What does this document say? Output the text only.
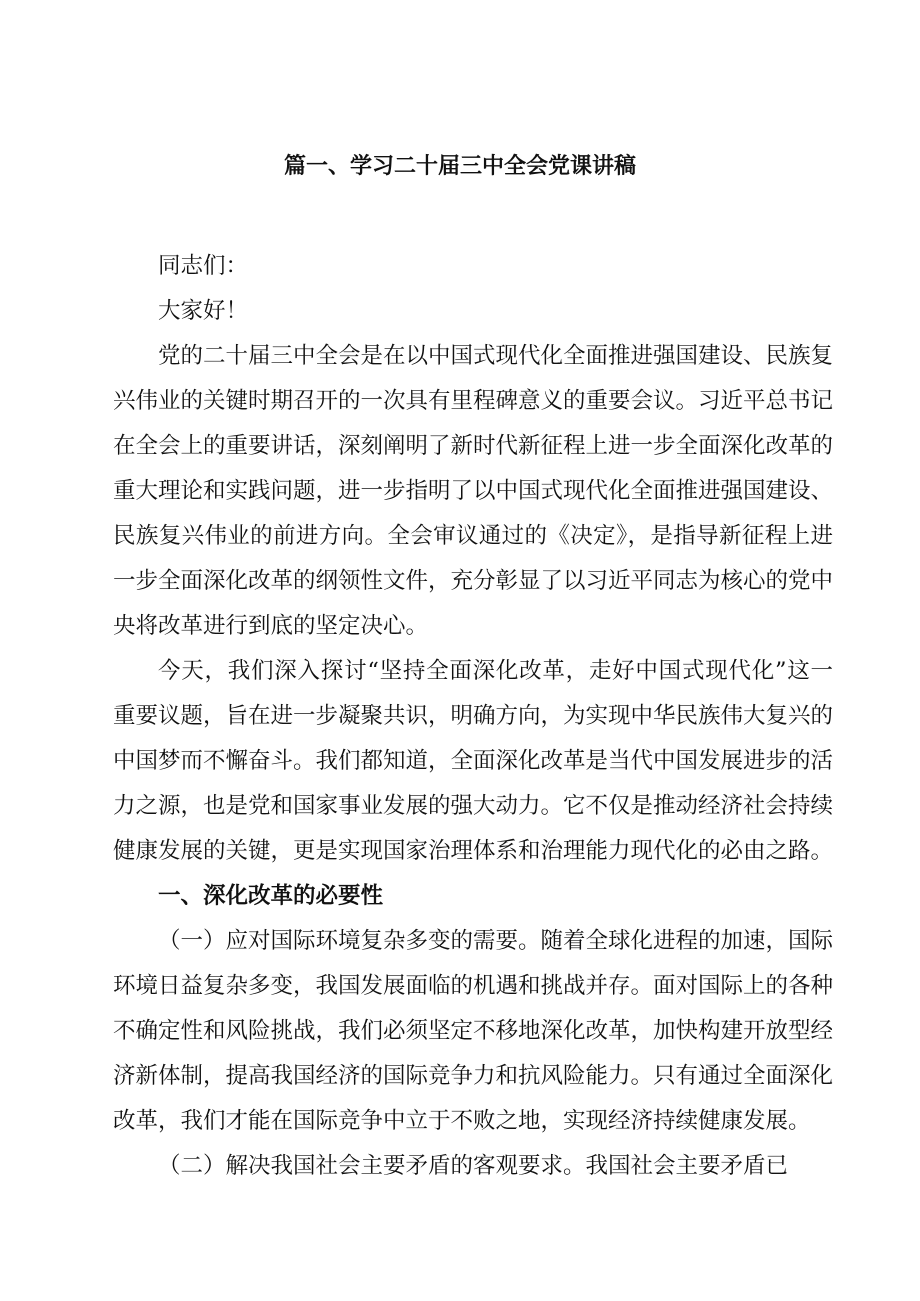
篇一、学习二十届三中全会党课讲稿

同志们：

大家好！

党的二十届三中全会是在以中国式现代化全面推进强国建设、民族复兴伟业的关键时期召开的一次具有里程碑意义的重要会议。习近平总书记在全会上的重要讲话，深刻阐明了新时代新征程上进一步全面深化改革的重大理论和实践问题，进一步指明了以中国式现代化全面推进强国建设、民族复兴伟业的前进方向。全会审议通过的《决定》，是指导新征程上进一步全面深化改革的纲领性文件，充分彰显了以习近平同志为核心的党中央将改革进行到底的坚定决心。

今天，我们深入探讨“坚持全面深化改革，走好中国式现代化”这一重要议题，旨在进一步凝聚共识，明确方向，为实现中华民族伟大复兴的中国梦而不懈奋斗。我们都知道，全面深化改革是当代中国发展进步的活力之源，也是党和国家事业发展的强大动力。它不仅是推动经济社会持续健康发展的关键，更是实现国家治理体系和治理能力现代化的必由之路。

一、深化改革的必要性

（一）应对国际环境复杂多变的需要。随着全球化进程的加速，国际环境日益复杂多变，我国发展面临的机遇和挑战并存。面对国际上的各种不确定性和风险挑战，我们必须坚定不移地深化改革，加快构建开放型经济新体制，提高我国经济的国际竞争力和抗风险能力。只有通过全面深化改革，我们才能在国际竞争中立于不败之地，实现经济持续健康发展。

（二）解决我国社会主要矛盾的客观要求。我国社会主要矛盾已
